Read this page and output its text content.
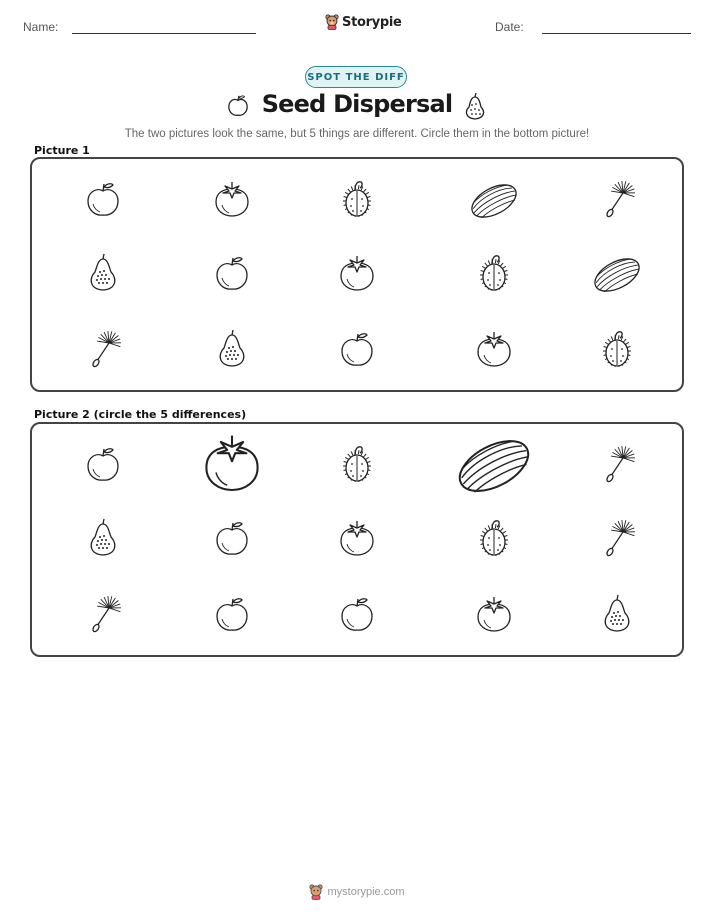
Name:	Storypie	Date:
SPOT THE DIFF
Seed Dispersal
The two pictures look the same, but 5 things are different. Circle them in the bottom picture!
Picture 1
Picture 2 (circle the 5 differences)
mystorypie.com
